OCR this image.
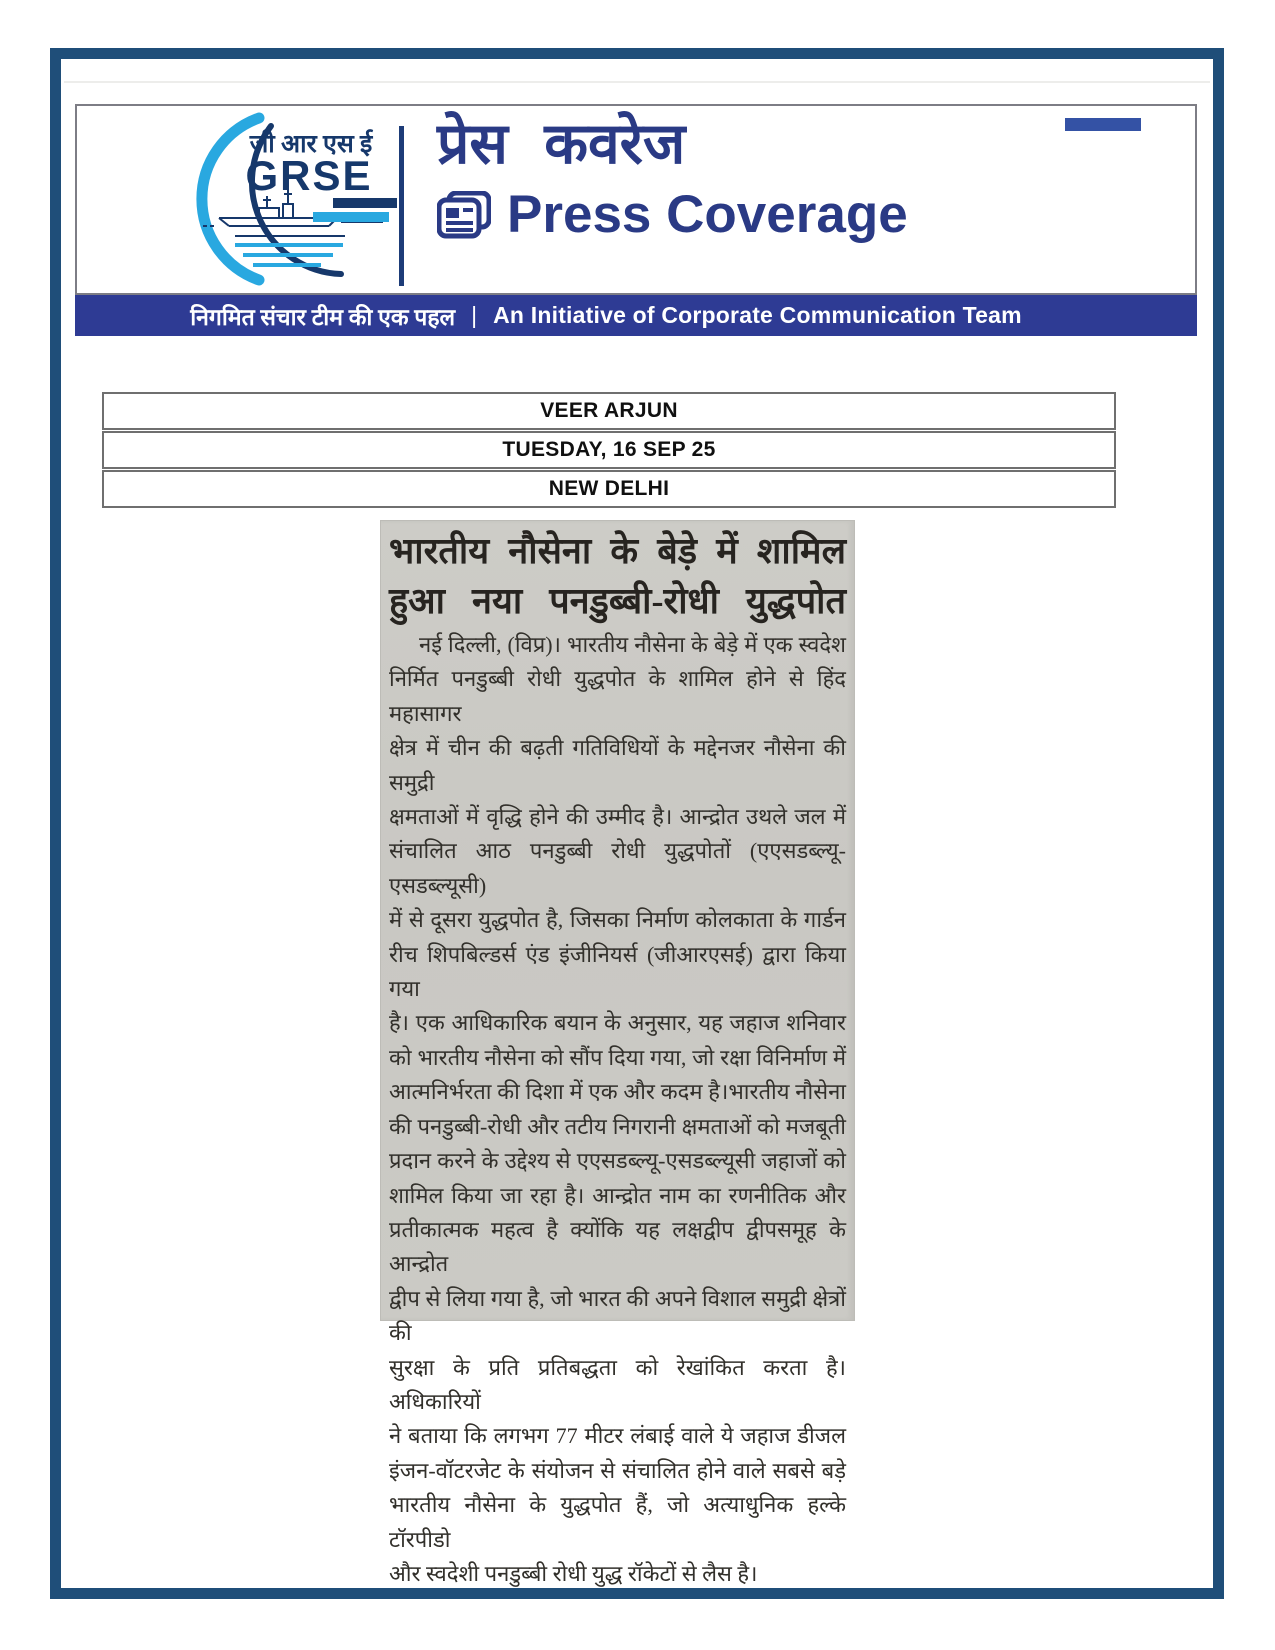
जी आर एस ई
GRSE प्रेस कवरेज
Press Coverage
निगमित संचार टीम की एक पहल | An Initiative of Corporate Communication Team
VEER ARJUN
TUESDAY, 16 SEP 25
NEW DELHI
भारतीय नौसेना के बेड़े में शामिल
हुआ नया पनडुब्बी-रोधी युद्धपोत
नई दिल्ली, (विप्र)। भारतीय नौसेना के बेड़े में एक स्वदेश
निर्मित पनडुब्बी रोधी युद्धपोत के शामिल होने से हिंद महासागर
क्षेत्र में चीन की बढ़ती गतिविधियों के मद्देनजर नौसेना की समुद्री
क्षमताओं में वृद्धि होने की उम्मीद है। आन्द्रोत उथले जल में
संचालित आठ पनडुब्बी रोधी युद्धपोतों (एएसडब्ल्यू-एसडब्ल्यूसी)
में से दूसरा युद्धपोत है, जिसका निर्माण कोलकाता के गार्डन
रीच शिपबिल्डर्स एंड इंजीनियर्स (जीआरएसई) द्वारा किया गया
है। एक आधिकारिक बयान के अनुसार, यह जहाज शनिवार
को भारतीय नौसेना को सौंप दिया गया, जो रक्षा विनिर्माण में
आत्मनिर्भरता की दिशा में एक और कदम है।भारतीय नौसेना
की पनडुब्बी-रोधी और तटीय निगरानी क्षमताओं को मजबूती
प्रदान करने के उद्देश्य से एएसडब्ल्यू-एसडब्ल्यूसी जहाजों को
शामिल किया जा रहा है। आन्द्रोत नाम का रणनीतिक और
प्रतीकात्मक महत्व है क्योंकि यह लक्षद्वीप द्वीपसमूह के आन्द्रोत
द्वीप से लिया गया है, जो भारत की अपने विशाल समुद्री क्षेत्रों की
सुरक्षा के प्रति प्रतिबद्धता को रेखांकित करता है। अधिकारियों
ने बताया कि लगभग 77 मीटर लंबाई वाले ये जहाज डीजल
इंजन-वॉटरजेट के संयोजन से संचालित होने वाले सबसे बड़े
भारतीय नौसेना के युद्धपोत हैं, जो अत्याधुनिक हल्के टॉरपीडो
और स्वदेशी पनडुब्बी रोधी युद्ध रॉकेटों से लैस है।
